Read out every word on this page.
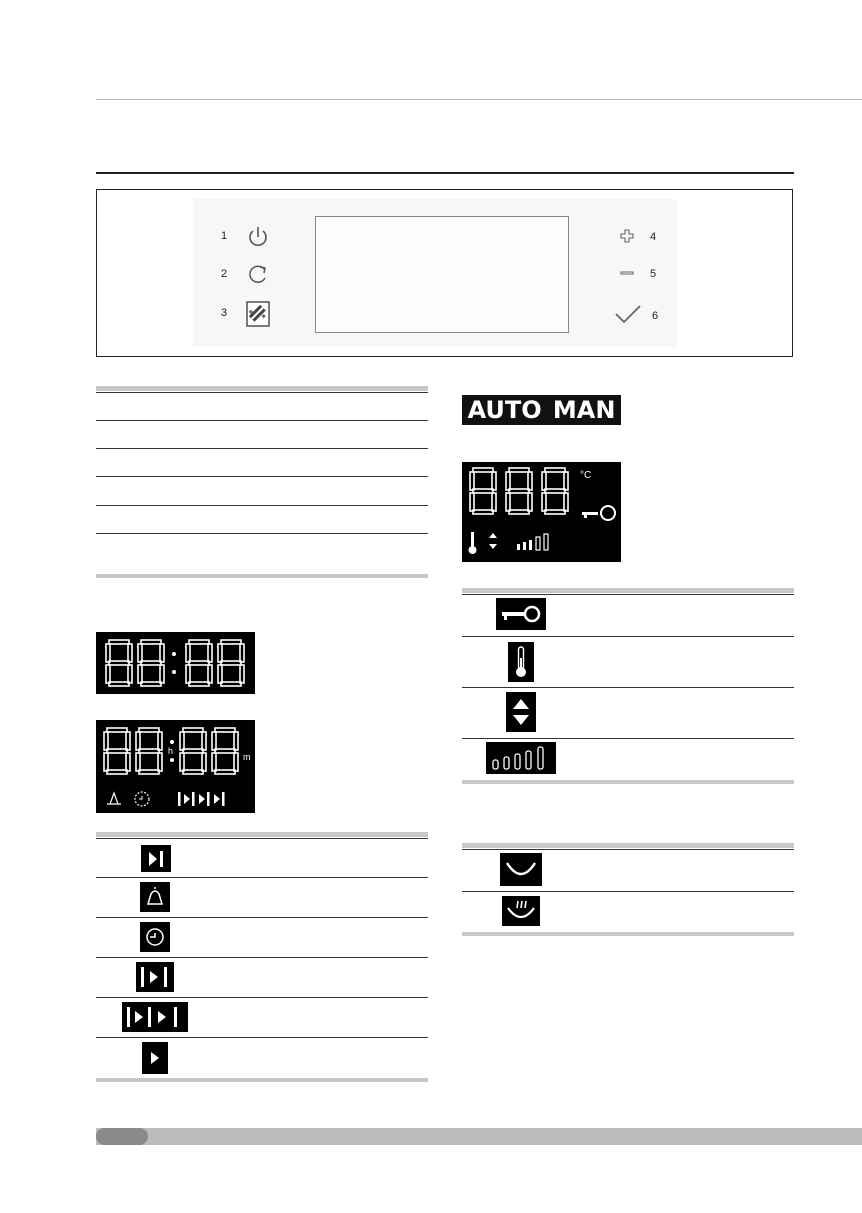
1
2
3
4
5
6
h
m
AUTO MAN
°C
